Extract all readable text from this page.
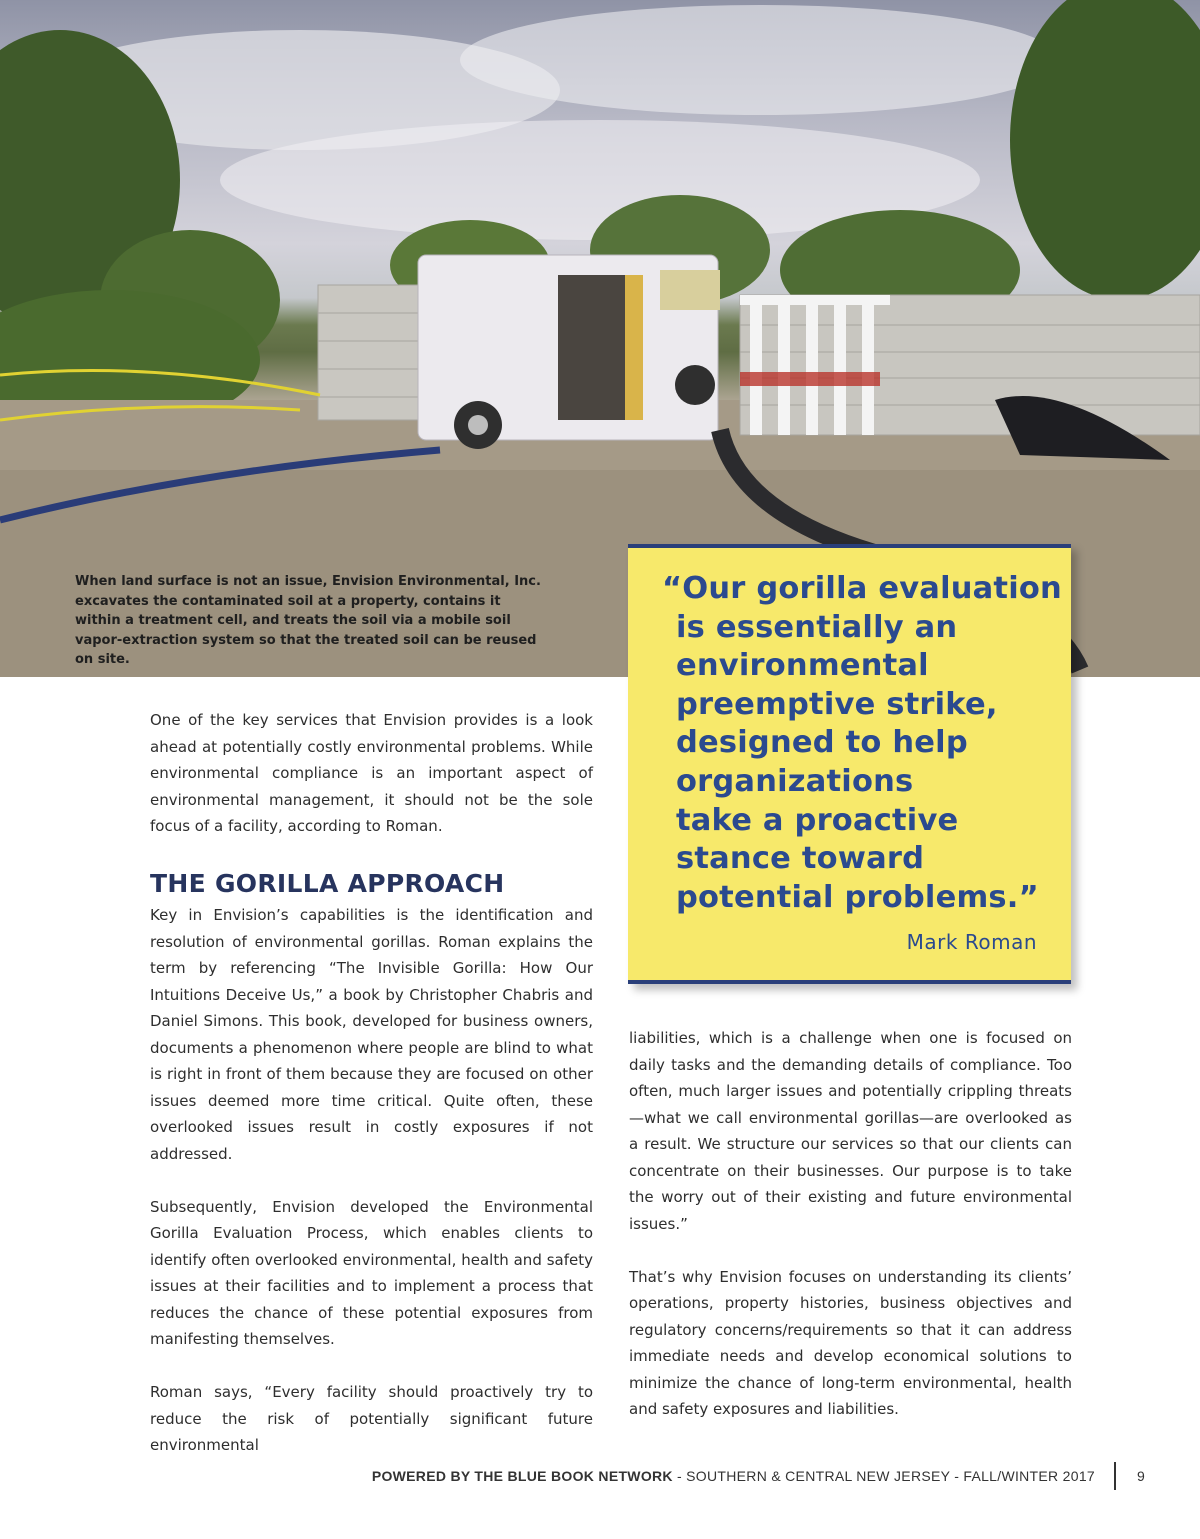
When land surface is not an issue, Envision Environmental, Inc. excavates the contaminated soil at a property, contains it within a treatment cell, and treats the soil via a mobile soil vapor-extraction system so that the treated soil can be reused on site.
“Our gorilla evaluation
is essentially an
environmental
preemptive strike,
designed to help
organizations
take a proactive
stance toward
potential problems.”
Mark Roman

One of the key services that Envision provides is a look ahead at potentially costly environmental problems. While environmental compliance is an important aspect of environmental management, it should not be the sole focus of a facility, according to Roman.

THE GORILLA APPROACH

Key in Envision’s capabilities is the identification and resolution of environmental gorillas. Roman explains the term by referencing “The Invisible Gorilla: How Our Intuitions Deceive Us,” a book by Christopher Chabris and Daniel Simons. This book, developed for business owners, documents a phenomenon where people are blind to what is right in front of them because they are focused on other issues deemed more time critical. Quite often, these overlooked issues result in costly exposures if not addressed.

Subsequently, Envision developed the Environmental Gorilla Evaluation Process, which enables clients to identify often overlooked environmental, health and safety issues at their facilities and to implement a process that reduces the chance of these potential exposures from manifesting themselves.

Roman says, “Every facility should proactively try to reduce the risk of potentially significant future environmental

liabilities, which is a challenge when one is focused on daily tasks and the demanding details of compliance. Too often, much larger issues and potentially crippling threats—what we call environmental gorillas—are overlooked as a result. We structure our services so that our clients can concentrate on their businesses. Our purpose is to take the worry out of their existing and future environmental issues.”

That’s why Envision focuses on understanding its clients’ operations, property histories, business objectives and regulatory concerns/requirements so that it can address immediate needs and develop economical solutions to minimize the chance of long-term environmental, health and safety exposures and liabilities.

POWERED BY THE BLUE BOOK NETWORK - SOUTHERN & CENTRAL NEW JERSEY - FALL/WINTER 2017	9
